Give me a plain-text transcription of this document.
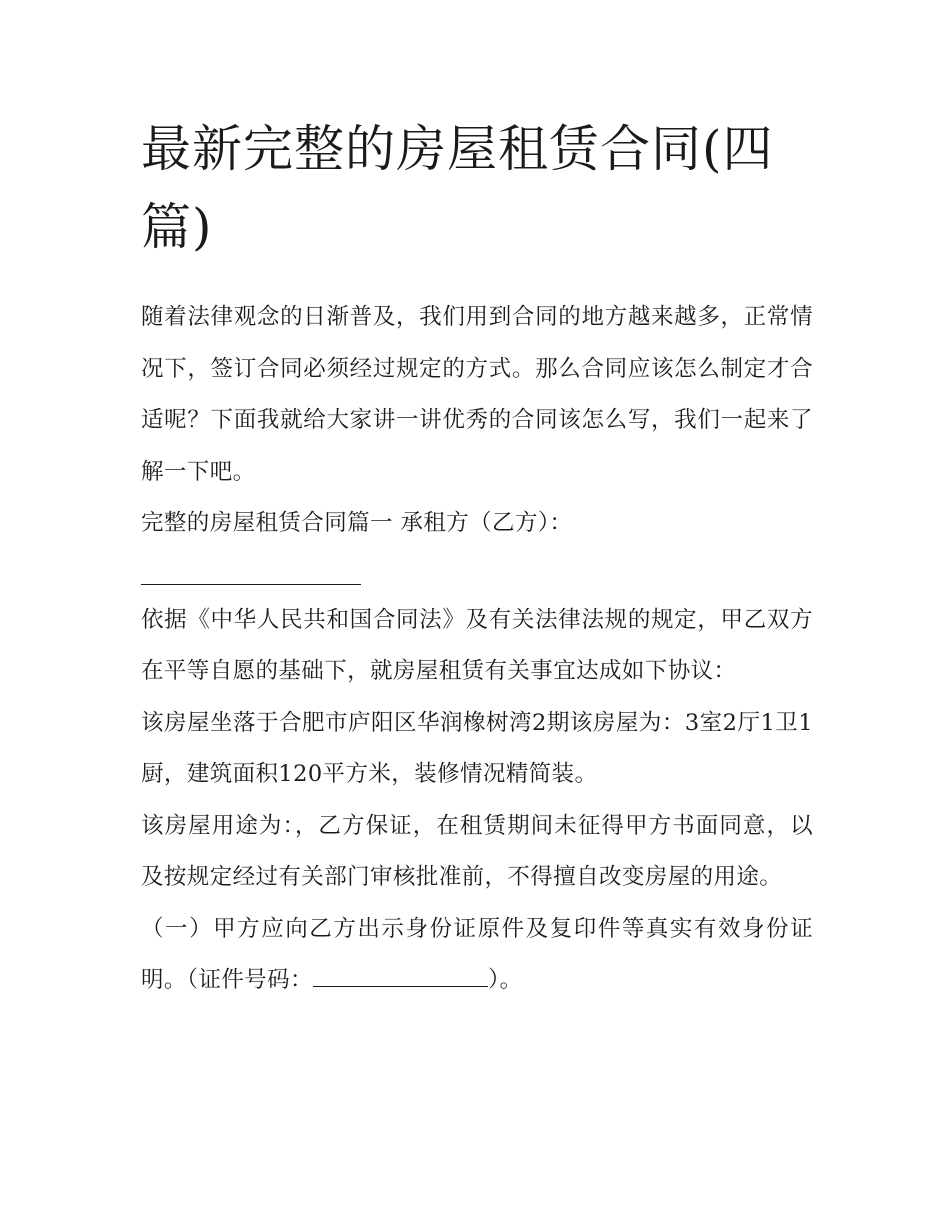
最新完整的房屋租赁合同(四篇)

随着法律观念的日渐普及，我们用到合同的地方越来越多，正常情况下，签订合同必须经过规定的方式。那么合同应该怎么制定才合适呢？下面我就给大家讲一讲优秀的合同该怎么写，我们一起来了解一下吧。

完整的房屋租赁合同篇一 承租方（乙方）：

依据《中华人民共和国合同法》及有关法律法规的规定，甲乙双方在平等自愿的基础下，就房屋租赁有关事宜达成如下协议：

该房屋坐落于合肥市庐阳区华润橡树湾2期该房屋为：3室2厅1卫1厨，建筑面积120平方米，装修情况精简装。

该房屋用途为：，乙方保证，在租赁期间未征得甲方书面同意，以及按规定经过有关部门审核批准前，不得擅自改变房屋的用途。

（一）甲方应向乙方出示身份证原件及复印件等真实有效身份证明。（证件号码：	）。
